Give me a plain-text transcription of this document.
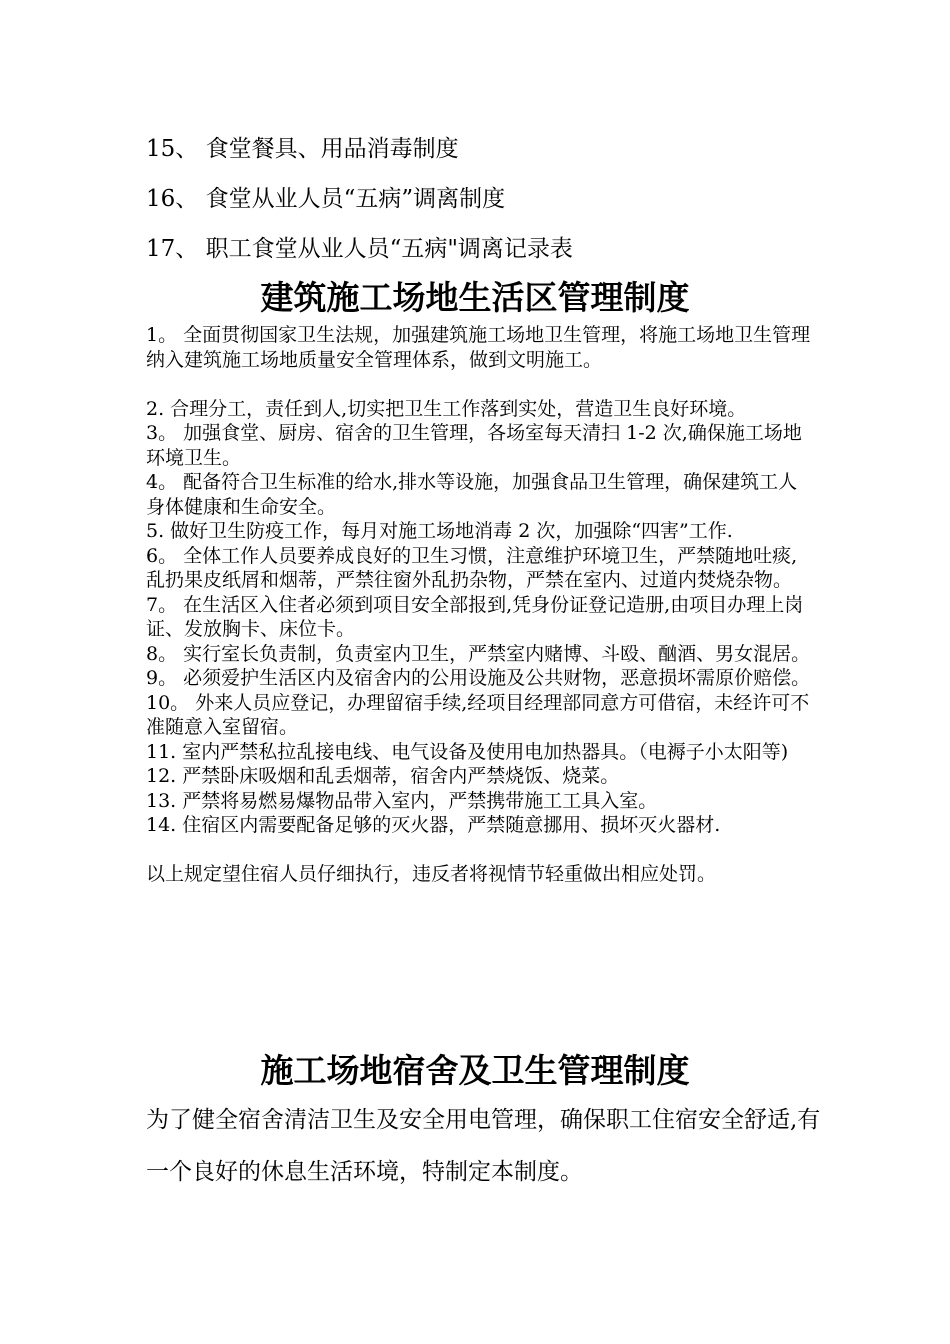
15、 食堂餐具、用品消毒制度
16、 食堂从业人员“五病”调离制度
17、 职工食堂从业人员“五病"调离记录表
建筑施工场地生活区管理制度

1。 全面贯彻国家卫生法规，加强建筑施工场地卫生管理，将施工场地卫生管理纳入建筑施工场地质量安全管理体系，做到文明施工。

2. 合理分工，责任到人,切实把卫生工作落到实处，营造卫生良好环境。

3。 加强食堂、厨房、宿舍的卫生管理，各场室每天清扫 1-2 次,确保施工场地环境卫生。

4。 配备符合卫生标准的给水,排水等设施，加强食品卫生管理，确保建筑工人身体健康和生命安全。

5. 做好卫生防疫工作，每月对施工场地消毒 2 次，加强除“四害”工作.

6。 全体工作人员要养成良好的卫生习惯，注意维护环境卫生，严禁随地吐痰,乱扔果皮纸屑和烟蒂，严禁往窗外乱扔杂物，严禁在室内、过道内焚烧杂物。

7。 在生活区入住者必须到项目安全部报到,凭身份证登记造册,由项目办理上岗证、发放胸卡、床位卡。

8。 实行室长负责制，负责室内卫生，严禁室内赌博、斗殴、酗酒、男女混居。

9。 必须爱护生活区内及宿舍内的公用设施及公共财物，恶意损坏需原价赔偿。

10。 外来人员应登记，办理留宿手续,经项目经理部同意方可借宿，未经许可不准随意入室留宿。

11. 室内严禁私拉乱接电线、电气设备及使用电加热器具。（电褥子小太阳等)

12. 严禁卧床吸烟和乱丢烟蒂，宿舍内严禁烧饭、烧菜。

13. 严禁将易燃易爆物品带入室内，严禁携带施工工具入室。

14. 住宿区内需要配备足够的灭火器，严禁随意挪用、损坏灭火器材.

以上规定望住宿人员仔细执行，违反者将视情节轻重做出相应处罚。

施工场地宿舍及卫生管理制度
为了健全宿舍清洁卫生及安全用电管理，确保职工住宿安全舒适,有一个良好的休息生活环境，特制定本制度。
